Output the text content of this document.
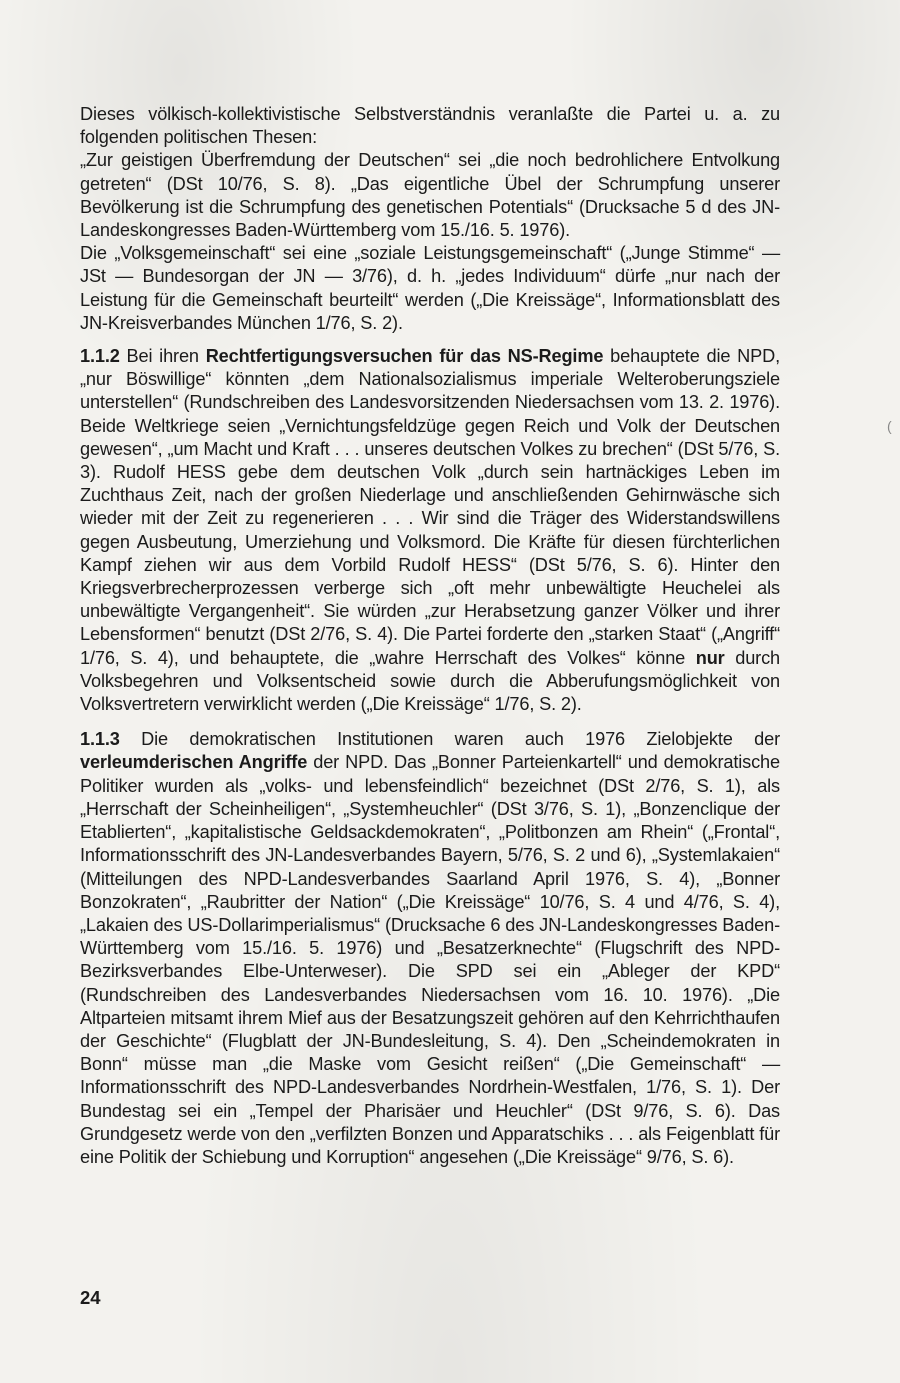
Dieses völkisch-kollektivistische Selbstverständnis veranlaßte die Partei u. a. zu folgenden politischen Thesen:

„Zur geistigen Überfremdung der Deutschen“ sei „die noch bedrohlichere Entvolkung getreten“ (DSt 10/76, S. 8). „Das eigentliche Übel der Schrumpfung unserer Bevölkerung ist die Schrumpfung des genetischen Potentials“ (Drucksache 5 d des JN-Landeskongresses Baden-Württemberg vom 15./16. 5. 1976).

Die „Volksgemeinschaft“ sei eine „soziale Leistungsgemeinschaft“ („Junge Stimme“ — JSt — Bundesorgan der JN — 3/76), d. h. „jedes Individuum“ dürfe „nur nach der Leistung für die Gemeinschaft beurteilt“ werden („Die Kreissäge“, Informationsblatt des JN-Kreisverbandes München 1/76, S. 2).

1.1.2 Bei ihren Rechtfertigungsversuchen für das NS-Regime behauptete die NPD, „nur Böswillige“ könnten „dem Nationalsozialismus imperiale Welteroberungsziele unterstellen“ (Rundschreiben des Landesvorsitzenden Niedersachsen vom 13. 2. 1976). Beide Weltkriege seien „Vernichtungsfeldzüge gegen Reich und Volk der Deutschen gewesen“, „um Macht und Kraft . . . unseres deutschen Volkes zu brechen“ (DSt 5/76, S. 3). Rudolf HESS gebe dem deutschen Volk „durch sein hartnäckiges Leben im Zuchthaus Zeit, nach der großen Niederlage und anschließenden Gehirnwäsche sich wieder mit der Zeit zu regenerieren . . . Wir sind die Träger des Widerstandswillens gegen Ausbeutung, Umerziehung und Volksmord. Die Kräfte für diesen fürchterlichen Kampf ziehen wir aus dem Vorbild Rudolf HESS“ (DSt 5/76, S. 6). Hinter den Kriegsverbrecherprozessen verberge sich „oft mehr unbewältigte Heuchelei als unbewältigte Vergangenheit“. Sie würden „zur Herabsetzung ganzer Völker und ihrer Lebensformen“ benutzt (DSt 2/76, S. 4). Die Partei forderte den „starken Staat“ („Angriff“ 1/76, S. 4), und behauptete, die „wahre Herrschaft des Volkes“ könne nur durch Volksbegehren und Volksentscheid sowie durch die Abberufungsmöglichkeit von Volksvertretern verwirklicht werden („Die Kreissäge“ 1/76, S. 2).

1.1.3 Die demokratischen Institutionen waren auch 1976 Zielobjekte der verleumderischen Angriffe der NPD. Das „Bonner Parteienkartell“ und demokratische Politiker wurden als „volks- und lebensfeindlich“ bezeichnet (DSt 2/76, S. 1), als „Herrschaft der Scheinheiligen“, „Systemheuchler“ (DSt 3/76, S. 1), „Bonzenclique der Etablierten“, „kapitalistische Geldsackdemokraten“, „Politbonzen am Rhein“ („Frontal“, Informationsschrift des JN-Landesverbandes Bayern, 5/76, S. 2 und 6), „Systemlakaien“ (Mitteilungen des NPD-Landesverbandes Saarland April 1976, S. 4), „Bonner Bonzokraten“, „Raubritter der Nation“ („Die Kreissäge“ 10/76, S. 4 und 4/76, S. 4), „Lakaien des US-Dollarimperialismus“ (Drucksache 6 des JN-Landeskongresses Baden-Württemberg vom 15./16. 5. 1976) und „Besatzerknechte“ (Flugschrift des NPD-Bezirksverbandes Elbe-Unterweser). Die SPD sei ein „Ableger der KPD“ (Rundschreiben des Landesverbandes Niedersachsen vom 16. 10. 1976). „Die Altparteien mitsamt ihrem Mief aus der Besatzungszeit gehören auf den Kehrrichthaufen der Geschichte“ (Flugblatt der JN-Bundesleitung, S. 4). Den „Scheindemokraten in Bonn“ müsse man „die Maske vom Gesicht reißen“ („Die Gemeinschaft“ — Informationsschrift des NPD-Landesverbandes Nordrhein-Westfalen, 1/76, S. 1). Der Bundestag sei ein „Tempel der Pharisäer und Heuchler“ (DSt 9/76, S. 6). Das Grundgesetz werde von den „verfilzten Bonzen und Apparatschiks . . . als Feigenblatt für eine Politik der Schiebung und Korruption“ angesehen („Die Kreissäge“ 9/76, S. 6).

(
24
